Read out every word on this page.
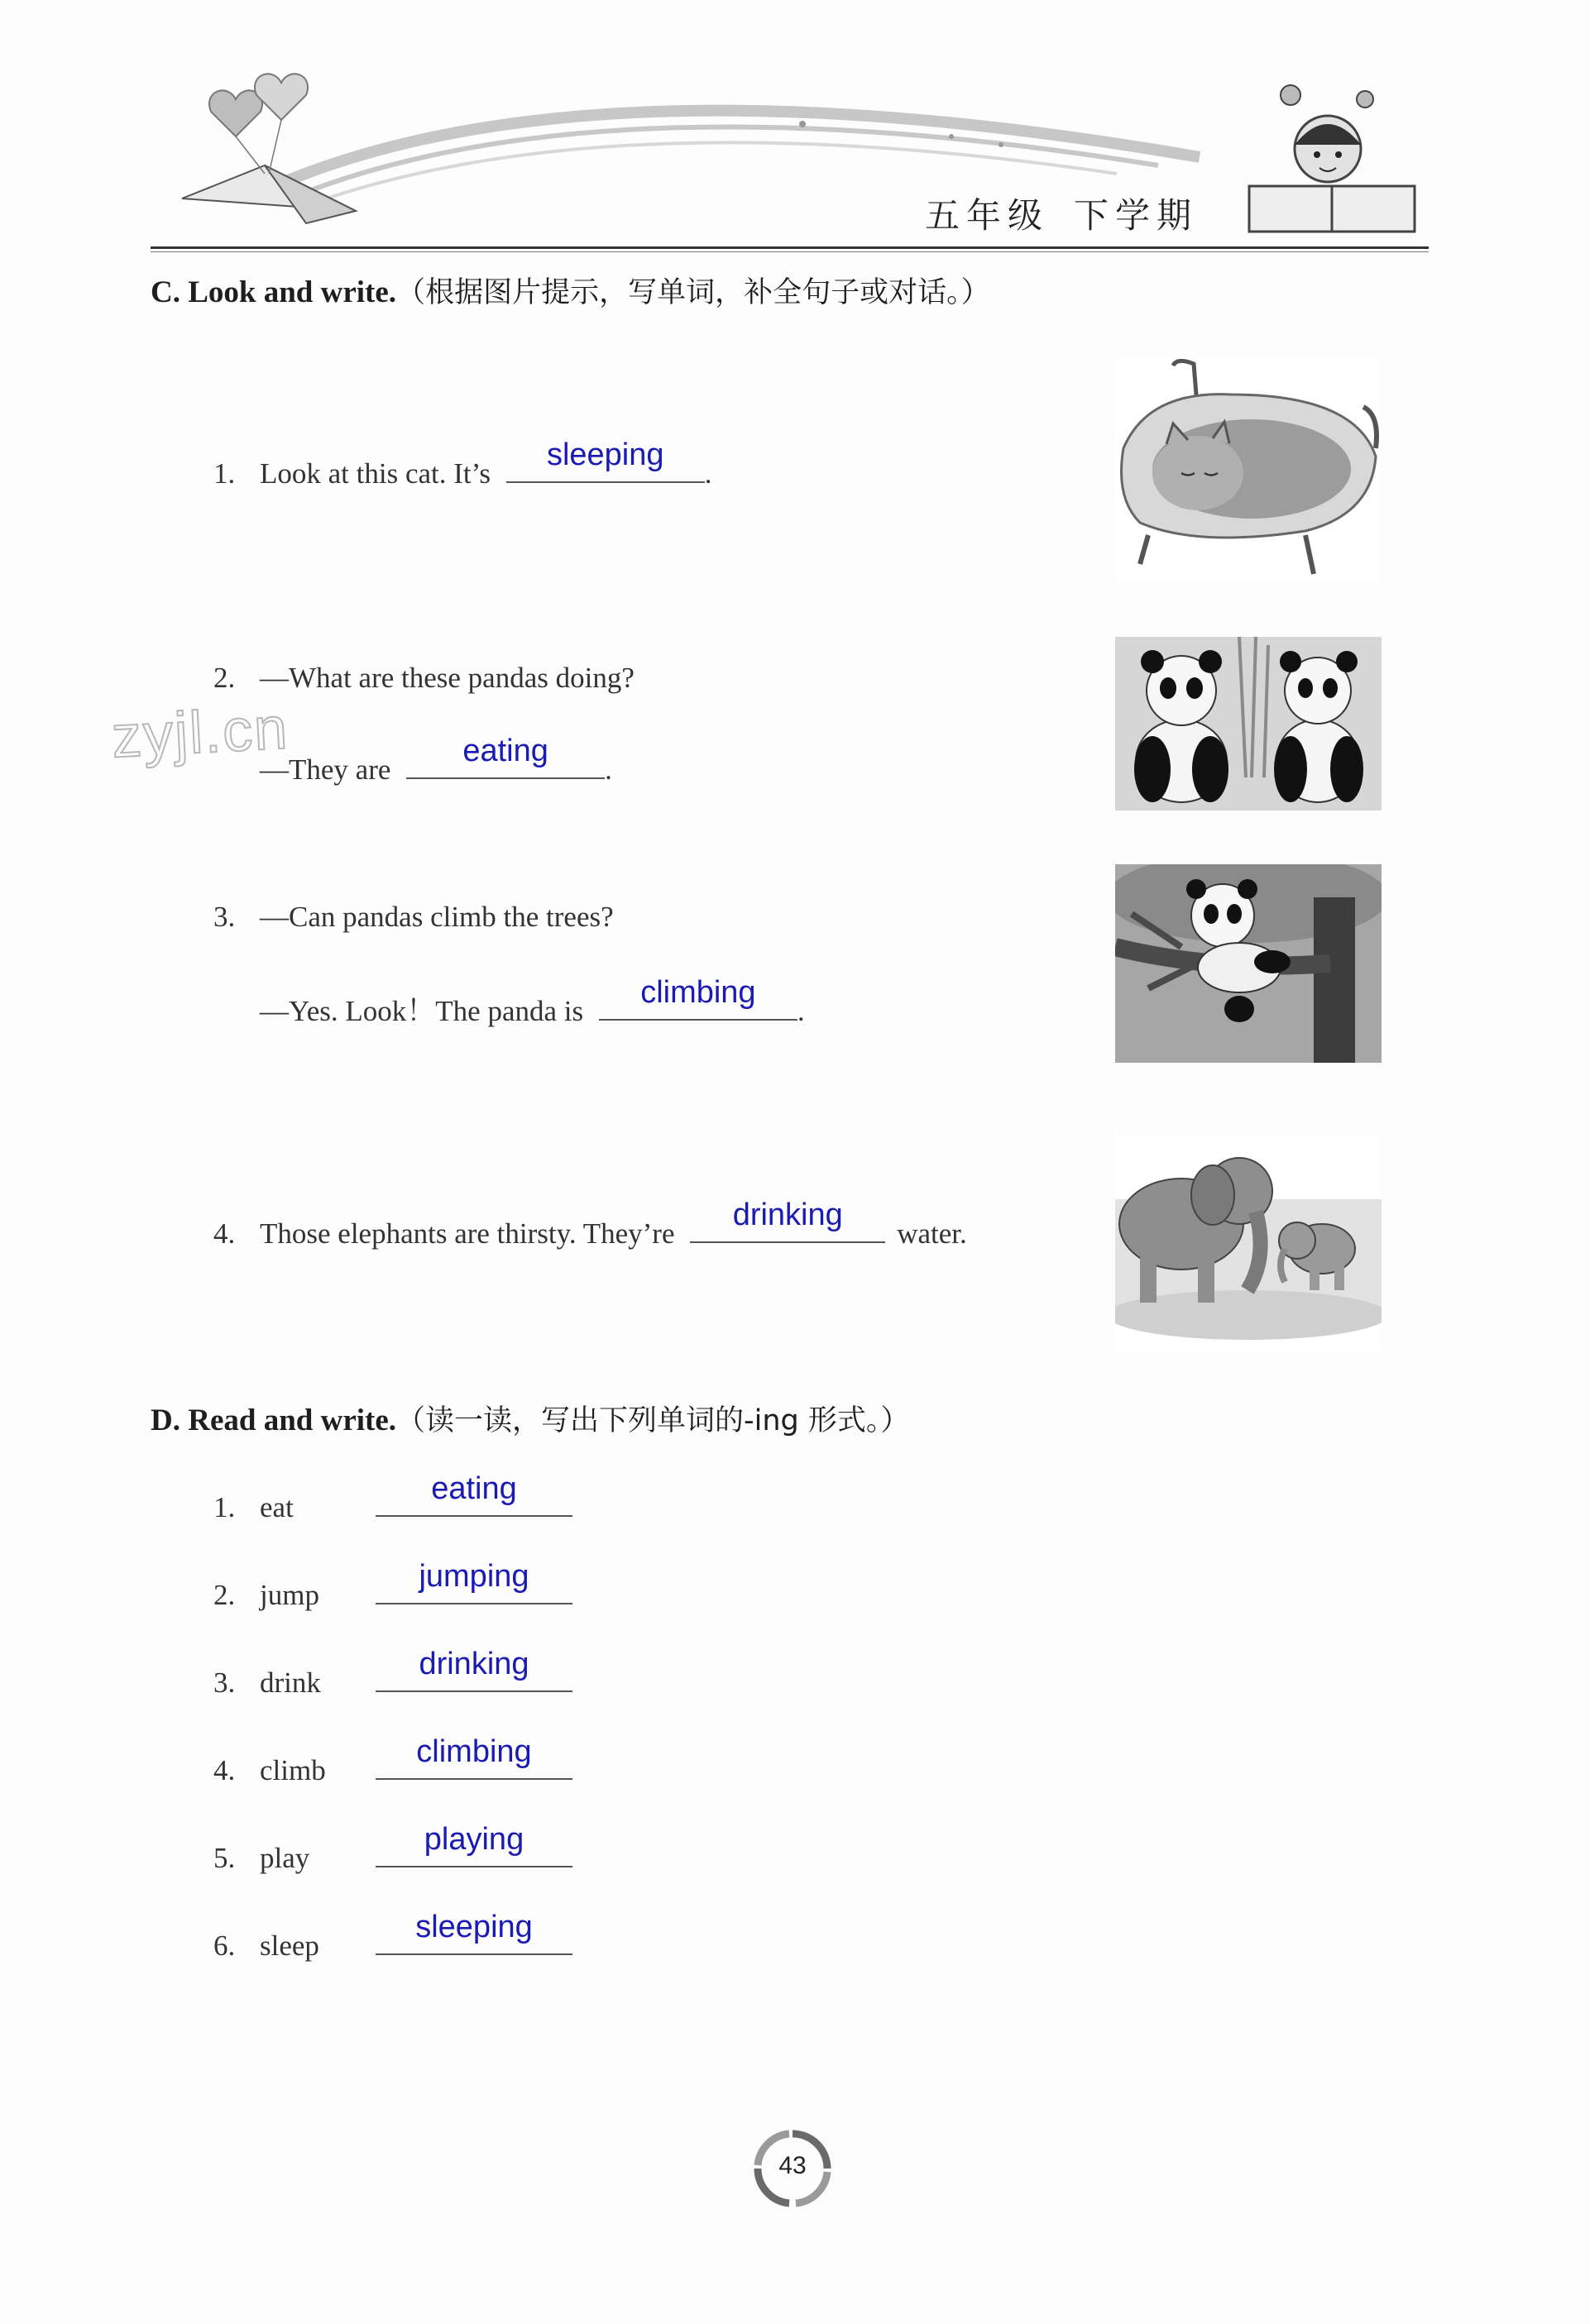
五年级 下学期
C. Look and write.（根据图片提示，写单词，补全句子或对话。）
1. Look at this cat. It’s
sleeping
.
2. —What are these pandas doing?
—They are
eating
.
3. —Can pandas climb the trees?
—Yes. Look！The panda is
climbing
.
4. Those elephants are thirsty. They’re
drinking
water.
zyjl.cn
D. Read and write.（读一读，写出下列单词的-ing 形式。）
1. eat
eating
2. jump
jumping
3. drink
drinking
4. climb
climbing
5. play
playing
6. sleep
sleeping
43
